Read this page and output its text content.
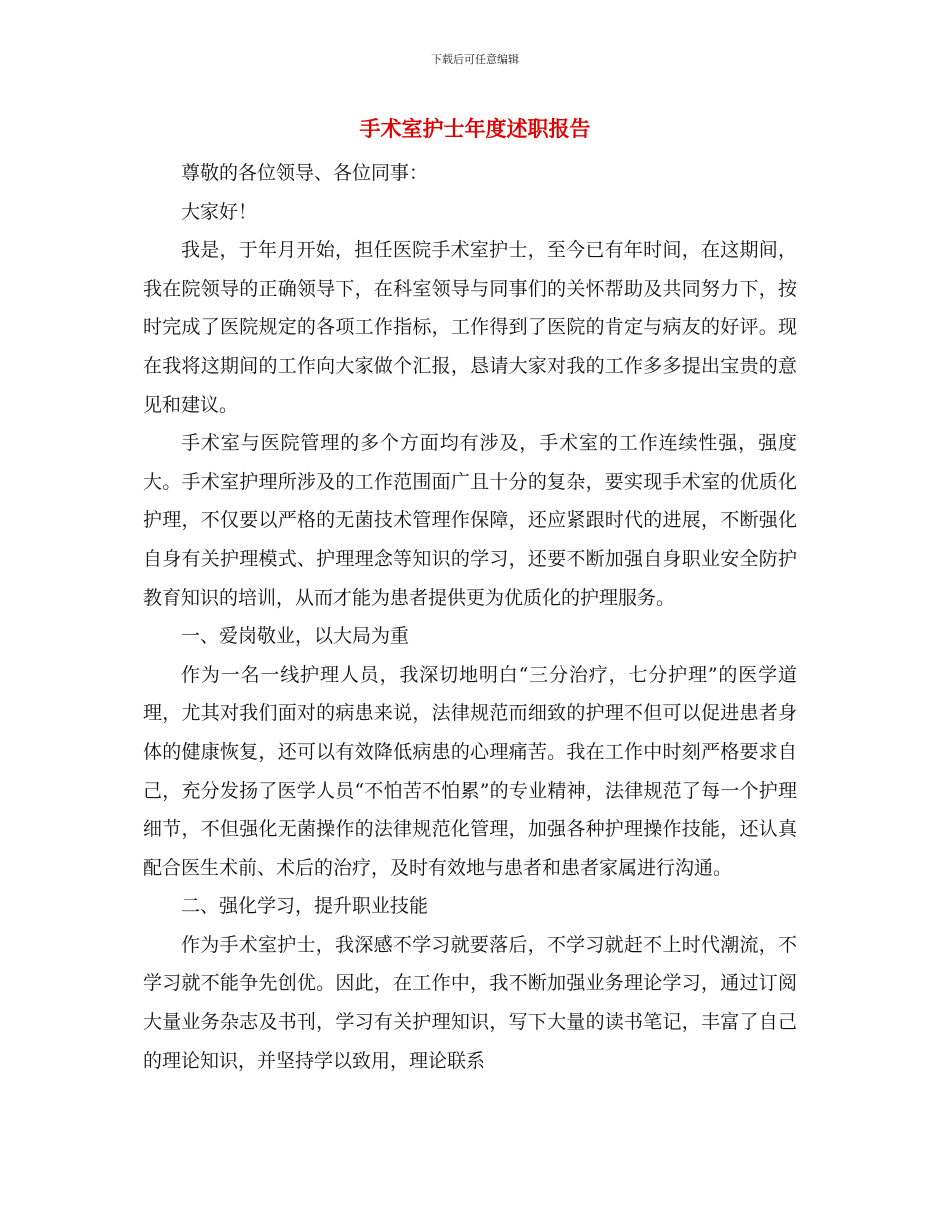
下载后可任意编辑
手术室护士年度述职报告

尊敬的各位领导、各位同事：

大家好！

我是，于年月开始，担任医院手术室护士，至今已有年时间，在这期间，我在院领导的正确领导下，在科室领导与同事们的关怀帮助及共同努力下，按时完成了医院规定的各项工作指标，工作得到了医院的肯定与病友的好评。现在我将这期间的工作向大家做个汇报，恳请大家对我的工作多多提出宝贵的意见和建议。

手术室与医院管理的多个方面均有涉及，手术室的工作连续性强，强度大。手术室护理所涉及的工作范围面广且十分的复杂，要实现手术室的优质化护理，不仅要以严格的无菌技术管理作保障，还应紧跟时代的进展，不断强化自身有关护理模式、护理理念等知识的学习，还要不断加强自身职业安全防护教育知识的培训，从而才能为患者提供更为优质化的护理服务。

一、爱岗敬业，以大局为重

作为一名一线护理人员，我深切地明白“三分治疗，七分护理”的医学道理，尤其对我们面对的病患来说，法律规范而细致的护理不但可以促进患者身体的健康恢复，还可以有效降低病患的心理痛苦。我在工作中时刻严格要求自己，充分发扬了医学人员“不怕苦不怕累”的专业精神，法律规范了每一个护理细节，不但强化无菌操作的法律规范化管理，加强各种护理操作技能，还认真配合医生术前、术后的治疗，及时有效地与患者和患者家属进行沟通。

二、强化学习，提升职业技能

作为手术室护士，我深感不学习就要落后，不学习就赶不上时代潮流，不学习就不能争先创优。因此，在工作中，我不断加强业务理论学习，通过订阅大量业务杂志及书刊，学习有关护理知识，写下大量的读书笔记，丰富了自己的理论知识，并坚持学以致用，理论联系
